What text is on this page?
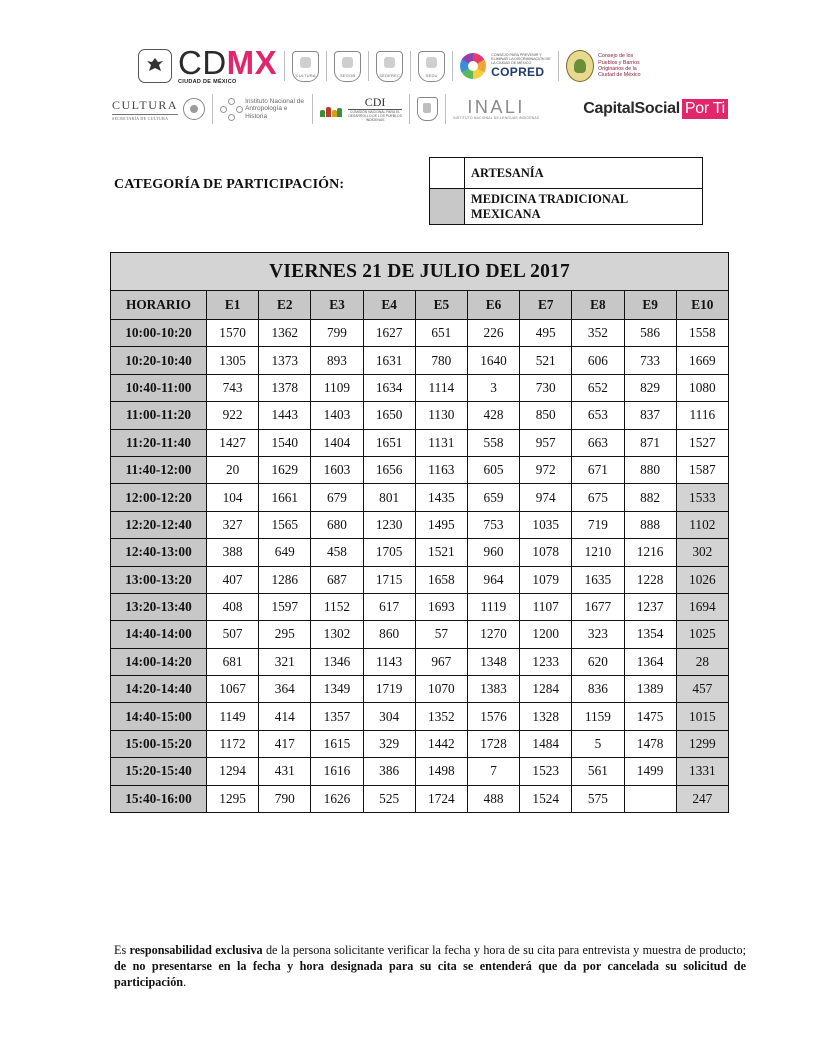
CDMX
CIUDAD DE MÉXICO
CULTURA	SEGOB	SEDEREC	SEDU
CONSEJO PARA PREVENIR Y ELIMINAR LA DISCRIMINACIÓN DE LA CIUDAD DE MÉXICO
COPRED
Consejo de los Pueblos y Barrios Originarios de la Ciudad de México
CULTURA
SECRETARÍA DE CULTURA
Instituto Nacional de Antropología e Historia
CDI
COMISIÓN NACIONAL PARA EL DESARROLLO DE LOS PUEBLOS INDÍGENAS
INALI
INSTITUTO NACIONAL DE LENGUAS INDÍGENAS
CapitalSocial Por Ti
CATEGORÍA DE PARTICIPACIÓN:
	ARTESANÍA
	MEDICINA TRADICIONAL MEXICANA
VIERNES 21 DE JULIO DEL 2017										
HORARIO	E1	E2	E3	E4	E5	E6	E7	E8	E9	E10
10:00-10:20	1570	1362	799	1627	651	226	495	352	586	1558
10:20-10:40	1305	1373	893	1631	780	1640	521	606	733	1669
10:40-11:00	743	1378	1109	1634	1114	3	730	652	829	1080
11:00-11:20	922	1443	1403	1650	1130	428	850	653	837	1116
11:20-11:40	1427	1540	1404	1651	1131	558	957	663	871	1527
11:40-12:00	20	1629	1603	1656	1163	605	972	671	880	1587
12:00-12:20	104	1661	679	801	1435	659	974	675	882	1533
12:20-12:40	327	1565	680	1230	1495	753	1035	719	888	1102
12:40-13:00	388	649	458	1705	1521	960	1078	1210	1216	302
13:00-13:20	407	1286	687	1715	1658	964	1079	1635	1228	1026
13:20-13:40	408	1597	1152	617	1693	1119	1107	1677	1237	1694
14:40-14:00	507	295	1302	860	57	1270	1200	323	1354	1025
14:00-14:20	681	321	1346	1143	967	1348	1233	620	1364	28
14:20-14:40	1067	364	1349	1719	1070	1383	1284	836	1389	457
14:40-15:00	1149	414	1357	304	1352	1576	1328	1159	1475	1015
15:00-15:20	1172	417	1615	329	1442	1728	1484	5	1478	1299
15:20-15:40	1294	431	1616	386	1498	7	1523	561	1499	1331
15:40-16:00	1295	790	1626	525	1724	488	1524	575		247
Es responsabilidad exclusiva de la persona solicitante verificar la fecha y hora de su cita para entrevista y muestra de producto; de no presentarse en la fecha y hora designada para su cita se entenderá que da por cancelada su solicitud de participación.
